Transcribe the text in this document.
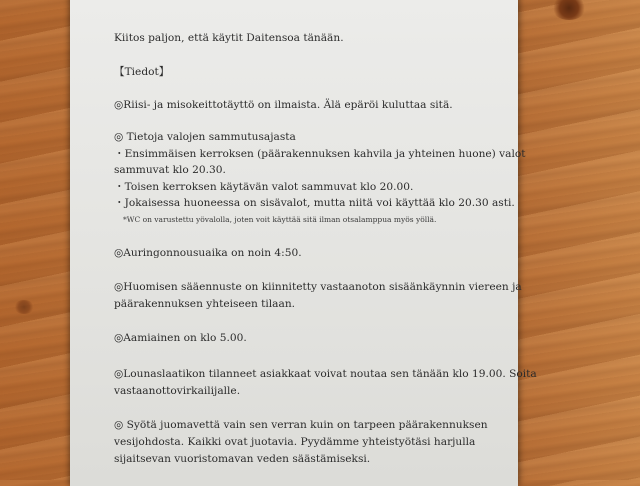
Kiitos paljon, että käytit Daitensoa tänään.
【Tiedot】
◎Riisi- ja misokeittotäyttö on ilmaista. Älä epäröi kuluttaa sitä.
◎ Tietoja valojen sammutusajasta
・Ensimmäisen kerroksen (päärakennuksen kahvila ja yhteinen huone) valot
sammuvat klo 20.30.
・Toisen kerroksen käytävän valot sammuvat klo 20.00.
・Jokaisessa huoneessa on sisävalot, mutta niitä voi käyttää klo 20.30 asti.
*WC on varustettu yövalolla, joten voit käyttää sitä ilman otsalamppua myös yöllä.
◎Auringonnousuaika on noin 4:50.
◎Huomisen sääennuste on kiinnitetty vastaanoton sisäänkäynnin viereen ja
päärakennuksen yhteiseen tilaan.
◎Aamiainen on klo 5.00.
◎Lounaslaatikon tilanneet asiakkaat voivat noutaa sen tänään klo 19.00. Soita
vastaanottovirkailijalle.
◎ Syötä juomavettä vain sen verran kuin on tarpeen päärakennuksen
vesijohdosta. Kaikki ovat juotavia. Pyydämme yhteistyötäsi harjulla
sijaitsevan vuoristomavan veden säästämiseksi.
